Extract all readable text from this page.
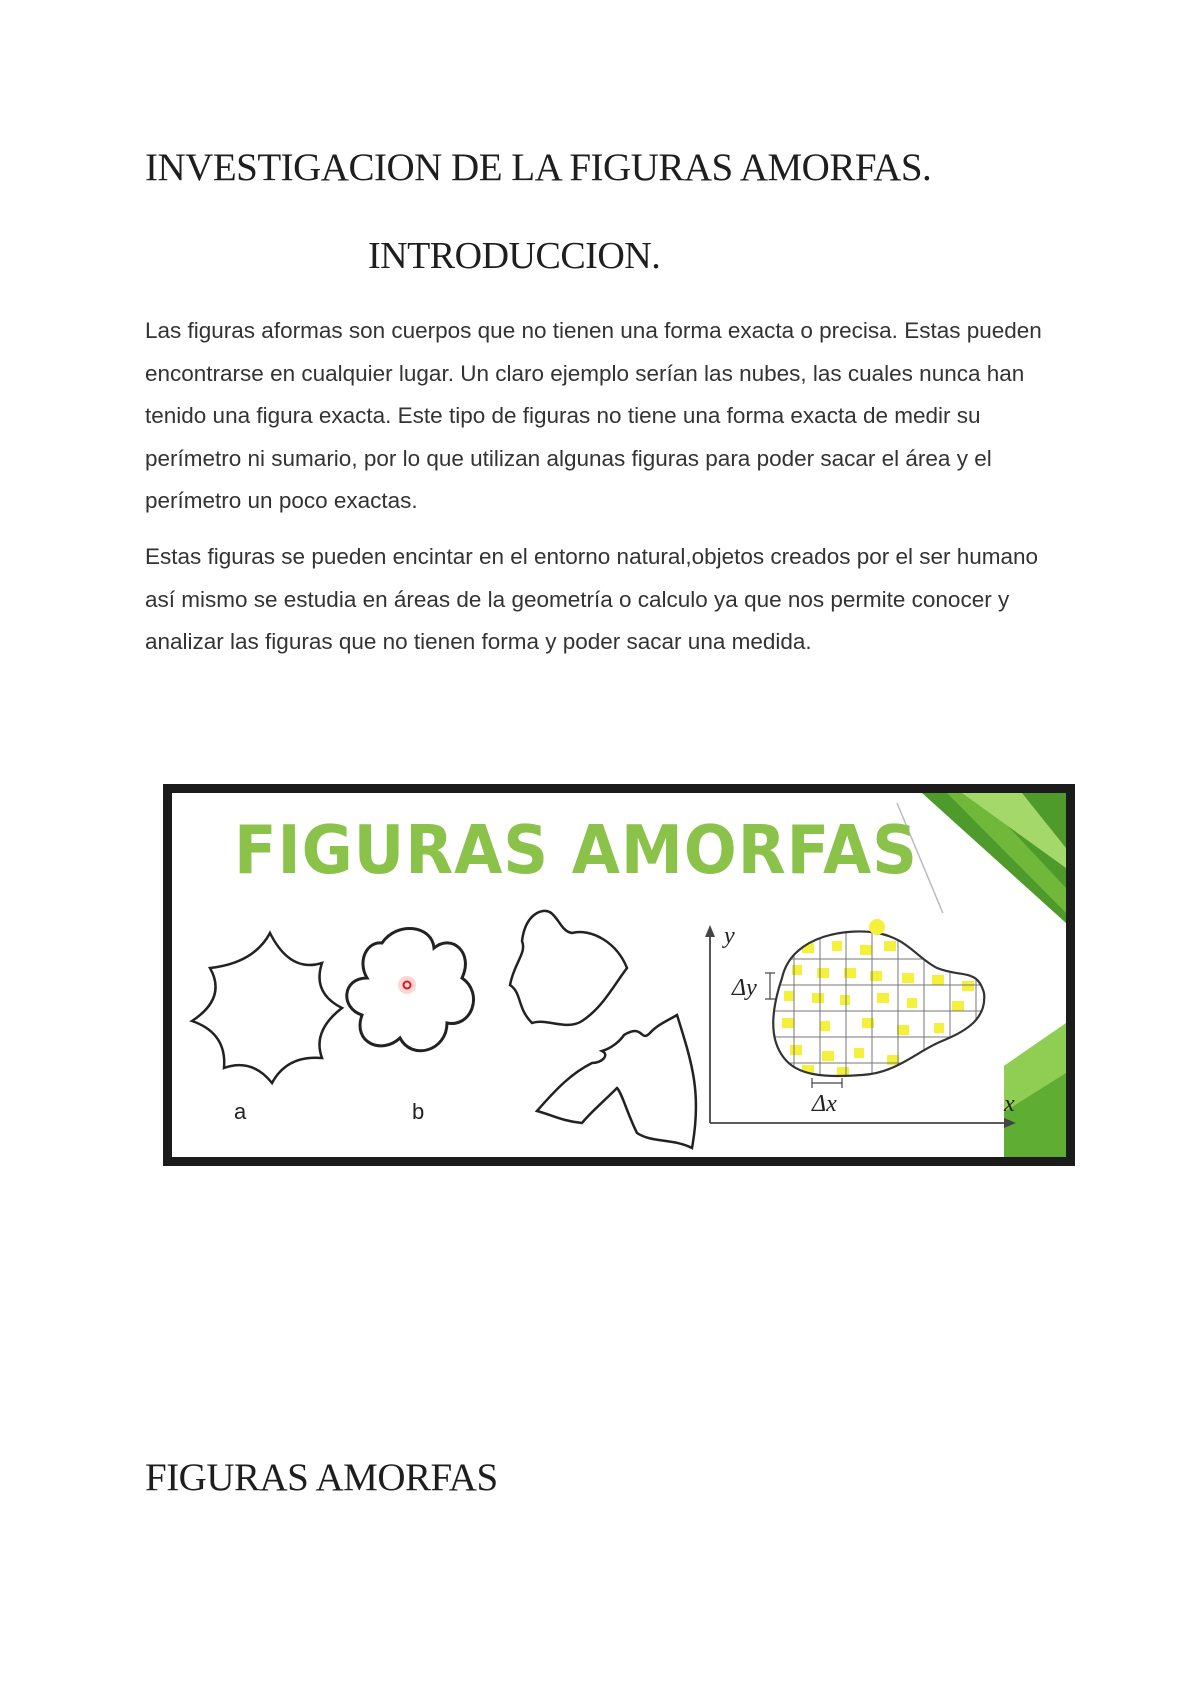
INVESTIGACION DE LA FIGURAS AMORFAS.
INTRODUCCION.

Las figuras aformas son cuerpos que no tienen una forma exacta o precisa. Estas pueden encontrarse en cualquier lugar. Un claro ejemplo serían las nubes, las cuales nunca han tenido una figura exacta. Este tipo de figuras no tiene una forma exacta de medir su perímetro ni sumario, por lo que utilizan algunas figuras para poder sacar el área y el perímetro un poco exactas.

Estas figuras se pueden encintar en el entorno natural,objetos creados por el ser humano así mismo se estudia en áreas de la geometría o calculo ya que nos permite conocer y analizar las figuras que no tienen forma y poder sacar una medida.

a	b
y
x
Δy
Δx
FIGURAS AMORFAS
FIGURAS AMORFAS
